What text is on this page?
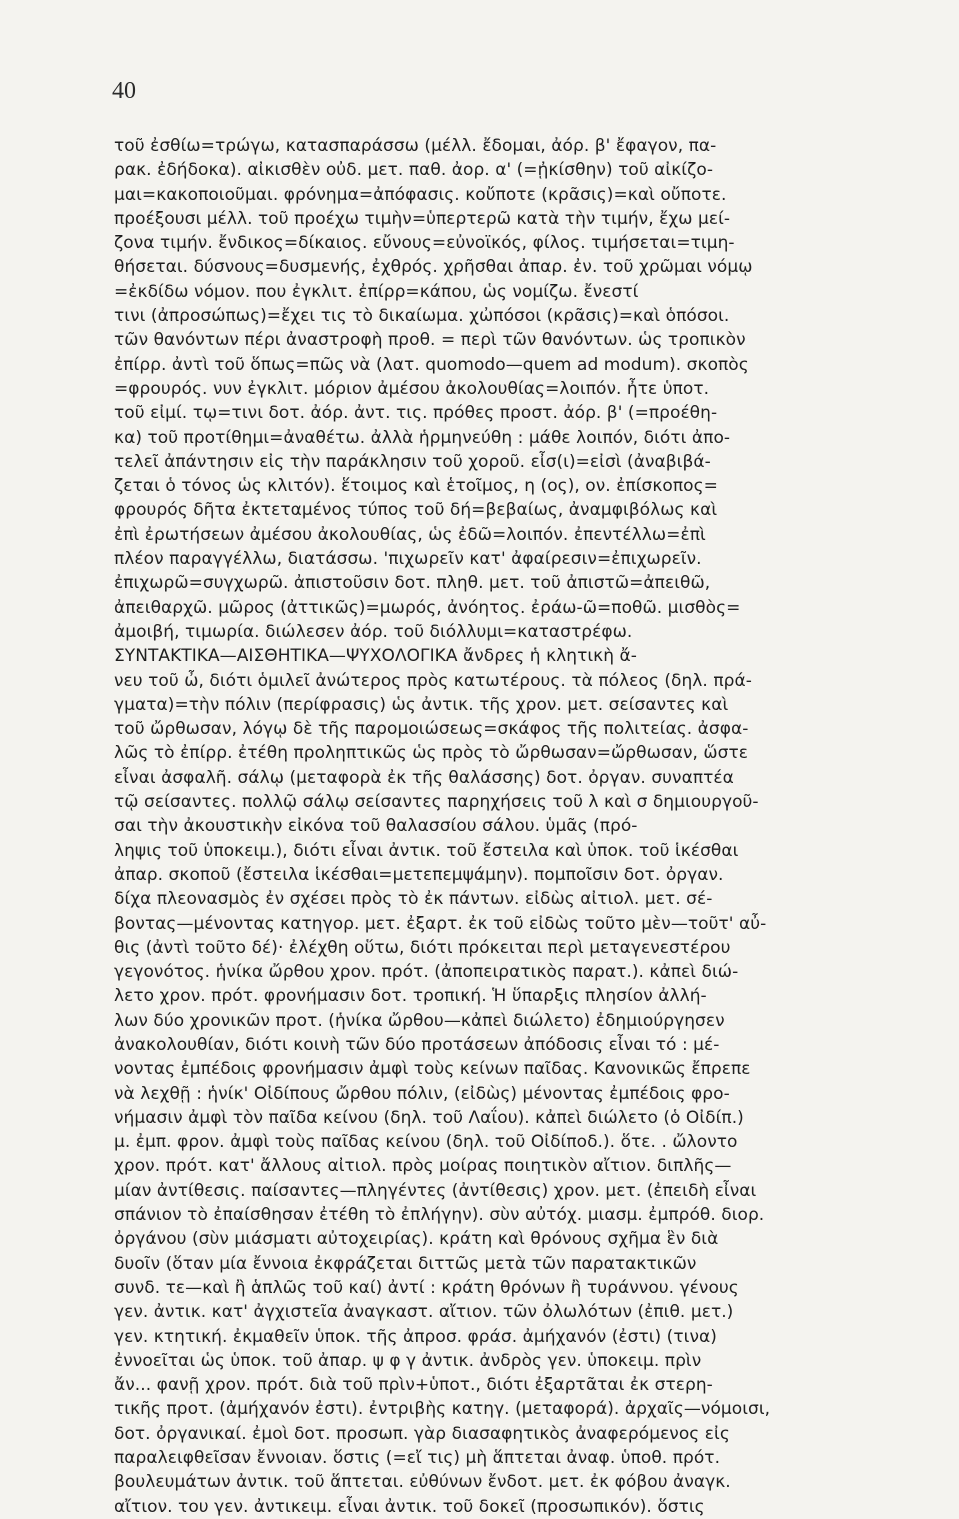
40
τοῦ ἐσθίω=τρώγω, κατασπαράσσω (μέλλ. ἔδομαι, ἀόρ. β' ἔφαγον, πα-
ρακ. ἐδήδοκα). αἰκισθὲν οὐδ. μετ. παθ. ἀορ. α' (=ᾐκίσθην) τοῦ αἰκίζο-
μαι=κακοποιοῦμαι. φρόνημα=ἀπόφασις. κοὔποτε (κρᾶσις)=καὶ οὔποτε.
προέξουσι μέλλ. τοῦ προέχω τιμὴν=ὑπερτερῶ κατὰ τὴν τιμήν, ἔχω μεί-
ζονα τιμήν. ἔνδικος=δίκαιος. εὔνους=εὐνοϊκός, φίλος. τιμήσεται=τιμη-
θήσεται. δύσνους=δυσμενής, ἐχθρός. χρῆσθαι ἀπαρ. ἐν. τοῦ χρῶμαι νόμῳ
=ἐκδίδω νόμον. που ἐγκλιτ. ἐπίρρ=κάπου, ὡς νομίζω. ἔνεστί
τινι (ἀπροσώπως)=ἔχει τις τὸ δικαίωμα. χὠπόσοι (κρᾶσις)=καὶ ὁπόσοι.
τῶν θανόντων πέρι ἀναστροφὴ προθ. = περὶ τῶν θανόντων. ὡς τροπικὸν
ἐπίρρ. ἀντὶ τοῦ ὅπως=πῶς νὰ (λατ. quomodo—quem ad modum). σκοπὸς
=φρουρός. νυν ἐγκλιτ. μόριον ἀμέσου ἀκολουθίας=λοιπόν. ἦτε ὑποτ.
τοῦ εἰμί. τῳ=τινι δοτ. ἀόρ. ἀντ. τις. πρόθες προστ. ἀόρ. β' (=προέθη-
κα) τοῦ προτίθημι=ἀναθέτω. ἀλλὰ ἡρμηνεύθη : μάθε λοιπόν, διότι ἀπο-
τελεῖ ἀπάντησιν εἰς τὴν παράκλησιν τοῦ χοροῦ. εἶσ(ι)=εἰσὶ (ἀναβιβά-
ζεται ὁ τόνος ὡς κλιτόν). ἕτοιμος καὶ ἑτοῖμος, η (ος), ον. ἐπίσκοπος=
φρουρός δῆτα ἐκτεταμένος τύπος τοῦ δή=βεβαίως, ἀναμφιβόλως καὶ
ἐπὶ ἐρωτήσεων ἀμέσου ἀκολουθίας, ὡς ἐδῶ=λοιπόν. ἐπεντέλλω=ἐπὶ
πλέον παραγγέλλω, διατάσσω. 'πιχωρεῖν κατ' ἀφαίρεσιν=ἐπιχωρεῖν.
ἐπιχωρῶ=συγχωρῶ. ἀπιστοῦσιν δοτ. πληθ. μετ. τοῦ ἀπιστῶ=ἀπειθῶ,
ἀπειθαρχῶ. μῶρος (ἀττικῶς)=μωρός, ἀνόητος. ἐράω-ῶ=ποθῶ. μισθὸς=
ἀμοιβή, τιμωρία. διώλεσεν ἀόρ. τοῦ διόλλυμι=καταστρέφω.
ΣΥΝΤΑΚΤΙΚΑ—ΑΙΣΘΗΤΙΚΑ—ΨΥΧΟΛΟΓΙΚΑ ἄνδρες ἡ κλητικὴ ἄ-
νευ τοῦ ὦ, διότι ὁμιλεῖ ἀνώτερος πρὸς κατωτέρους. τὰ πόλεος (δηλ. πρά-
γματα)=τὴν πόλιν (περίφρασις) ὡς ἀντικ. τῆς χρον. μετ. σείσαντες καὶ
τοῦ ὤρθωσαν, λόγῳ δὲ τῆς παρομοιώσεως=σκάφος τῆς πολιτείας. ἀσφα-
λῶς τὸ ἐπίρρ. ἐτέθη προληπτικῶς ὡς πρὸς τὸ ὤρθωσαν=ὤρθωσαν, ὥστε
εἶναι ἀσφαλῆ. σάλῳ (μεταφορὰ ἐκ τῆς θαλάσσης) δοτ. ὀργαν. συναπτέα
τῷ σείσαντες. πολλῷ σάλῳ σείσαντες παρηχήσεις τοῦ λ καὶ σ δημιουργοῦ-
σαι τὴν ἀκουστικὴν εἰκόνα τοῦ θαλασσίου σάλου. ὑμᾶς (πρό-
ληψις τοῦ ὑποκειμ.), διότι εἶναι ἀντικ. τοῦ ἔστειλα καὶ ὑποκ. τοῦ ἱκέσθαι
ἀπαρ. σκοποῦ (ἔστειλα ἱκέσθαι=μετεπεμψάμην). πομποῖσιν δοτ. ὀργαν.
δίχα πλεονασμὸς ἐν σχέσει πρὸς τὸ ἐκ πάντων. εἰδὼς αἰτιολ. μετ. σέ-
βοντας—μένοντας κατηγορ. μετ. ἐξαρτ. ἐκ τοῦ εἰδὼς τοῦτο μὲν—τοῦτ' αὖ-
θις (ἀντὶ τοῦτο δέ)· ἐλέχθη οὕτω, διότι πρόκειται περὶ μεταγενεστέρου
γεγονότος. ἡνίκα ὤρθου χρον. πρότ. (ἀποπειρατικὸς παρατ.). κἀπεὶ διώ-
λετο χρον. πρότ. φρονήμασιν δοτ. τροπική. Ἡ ὕπαρξις πλησίον ἀλλή-
λων δύο χρονικῶν προτ. (ἡνίκα ὤρθου—κἀπεὶ διώλετο) ἐδημιούργησεν
ἀνακολουθίαν, διότι κοινὴ τῶν δύο προτάσεων ἀπόδοσις εἶναι τό : μέ-
νοντας ἐμπέδοις φρονήμασιν ἀμφὶ τοὺς κείνων παῖδας. Κανονικῶς ἔπρεπε
νὰ λεχθῇ : ἡνίκ' Οἰδίπους ὤρθου πόλιν, (εἰδὼς) μένοντας ἐμπέδοις φρο-
νήμασιν ἀμφὶ τὸν παῖδα κείνου (δηλ. τοῦ Λαΐου). κἀπεὶ διώλετο (ὁ Οἰδίπ.)
μ. ἐμπ. φρον. ἀμφὶ τοὺς παῖδας κείνου (δηλ. τοῦ Οἰδίποδ.). ὅτε. . ὤλοντο
χρον. πρότ. κατ' ἄλλους αἰτιολ. πρὸς μοίρας ποιητικὸν αἴτιον. διπλῆς—
μίαν ἀντίθεσις. παίσαντες—πληγέντες (ἀντίθεσις) χρον. μετ. (ἐπειδὴ εἶναι
σπάνιον τὸ ἐπαίσθησαν ἐτέθη τὸ ἐπλήγην). σὺν αὐτόχ. μιασμ. ἐμπρόθ. διορ.
ὀργάνου (σὺν μιάσματι αὐτοχειρίας). κράτη καὶ θρόνους σχῆμα ἓν διὰ
δυοῖν (ὅταν μία ἔννοια ἐκφράζεται διττῶς μετὰ τῶν παρατακτικῶν
συνδ. τε—καὶ ἢ ἁπλῶς τοῦ καί) ἀντί : κράτη θρόνων ἢ τυράννου. γένους
γεν. ἀντικ. κατ' ἀγχιστεῖα ἀναγκαστ. αἴτιον. τῶν ὀλωλότων (ἐπιθ. μετ.)
γεν. κτητική. ἐκμαθεῖν ὑποκ. τῆς ἀπροσ. φράσ. ἀμήχανόν (ἐστι) (τινα)
ἐννοεῖται ὡς ὑποκ. τοῦ ἀπαρ. ψ φ γ ἀντικ. ἀνδρὸς γεν. ὑποκειμ. πρὶν
ἄν... φανῇ χρον. πρότ. διὰ τοῦ πρὶν+ὑποτ., διότι ἐξαρτᾶται ἐκ στερη-
τικῆς προτ. (ἀμήχανόν ἐστι). ἐντριβὴς κατηγ. (μεταφορά). ἀρχαῖς—νόμοισι,
δοτ. ὀργανικαί. ἐμοὶ δοτ. προσωπ. γὰρ διασαφητικὸς ἀναφερόμενος εἰς
παραλειφθεῖσαν ἔννοιαν. ὅστις (=εἴ τις) μὴ ἅπτεται ἀναφ. ὑποθ. πρότ.
βουλευμάτων ἀντικ. τοῦ ἅπτεται. εὐθύνων ἔνδοτ. μετ. ἐκ φόβου ἀναγκ.
αἴτιον. του γεν. ἀντικειμ. εἶναι ἀντικ. τοῦ δοκεῖ (προσωπικόν). ὅστις
